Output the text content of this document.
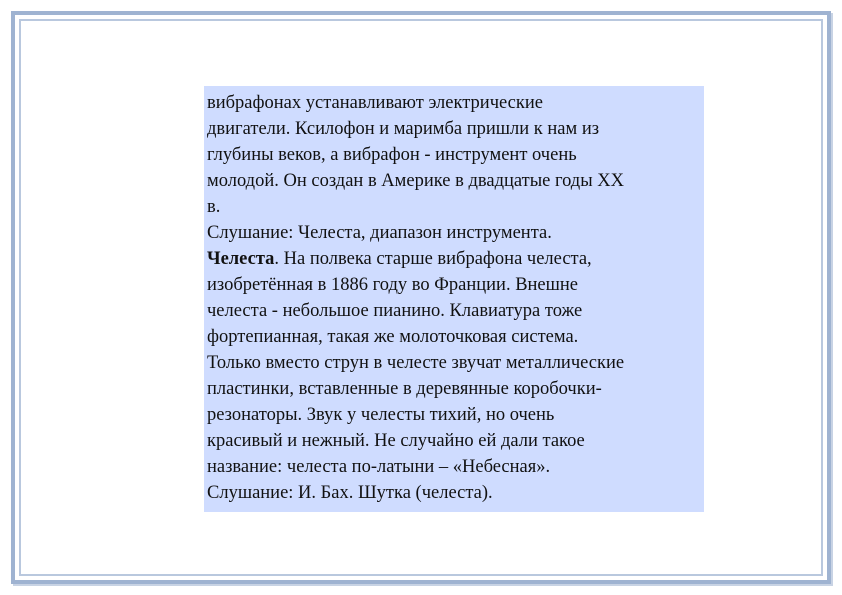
вибрафонах устанавливают электрические
двигатели. Ксилофон и маримба пришли к нам из
глубины веков, а вибрафон - инструмент очень
молодой. Он создан в Америке в двадцатые годы XX
в.
Слушание: Челеста, диапазон инструмента.
Челеста. На полвека старше вибрафона челеста,
изобретённая в 1886 году во Франции. Внешне
челеста - небольшое пианино. Клавиатура тоже
фортепианная, такая же молоточковая система.
Только вместо струн в челесте звучат металлические
пластинки, вставленные в деревянные коробочки-
резонаторы. Звук у челесты тихий, но очень
красивый и нежный. Не случайно ей дали такое
название: челеста по-латыни – «Небесная».
Слушание: И. Бах. Шутка (челеста).
